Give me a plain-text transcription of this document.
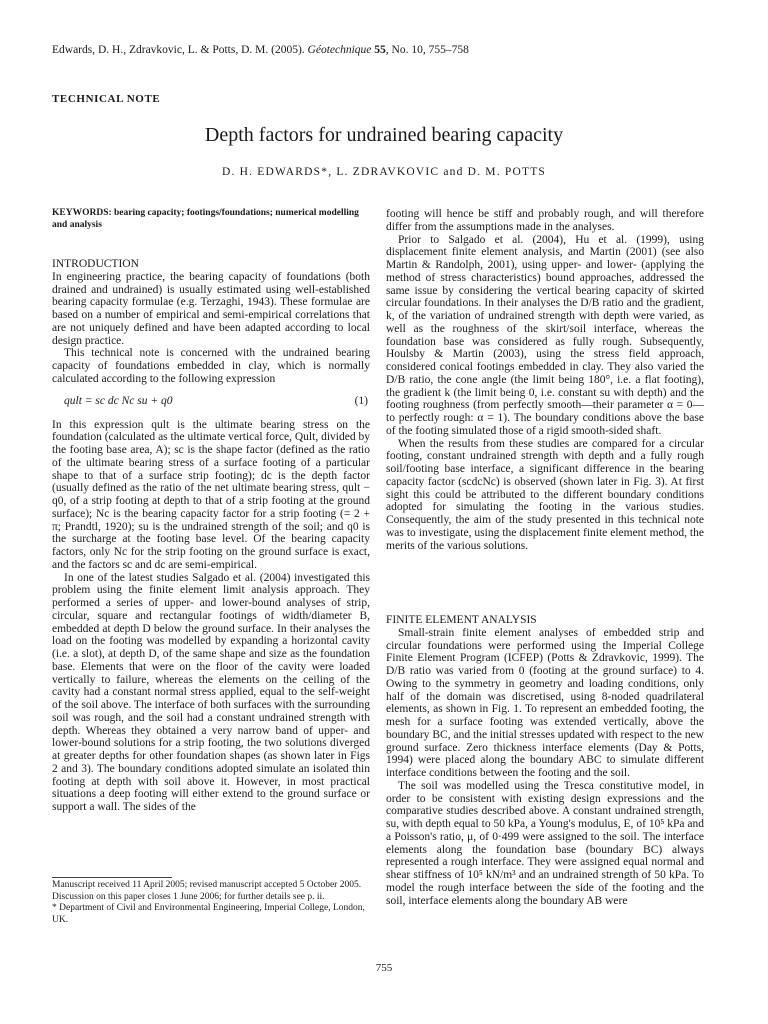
Edwards, D. H., Zdravkovic, L. & Potts, D. M. (2005). Géotechnique 55, No. 10, 755–758
TECHNICAL NOTE
Depth factors for undrained bearing capacity
D. H. EDWARDS*, L. ZDRAVKOVIC and D. M. POTTS
KEYWORDS: bearing capacity; footings/foundations; numerical modelling and analysis

INTRODUCTION

In engineering practice, the bearing capacity of foundations (both drained and undrained) is usually estimated using well-established bearing capacity formulae (e.g. Terzaghi, 1943). These formulae are based on a number of empirical and semi-empirical correlations that are not uniquely defined and have been adapted according to local design practice.

This technical note is concerned with the undrained bearing capacity of foundations embedded in clay, which is normally calculated according to the following expression

qult = sc dc Nc su + q0	(1)

In this expression qult is the ultimate bearing stress on the foundation (calculated as the ultimate vertical force, Qult, divided by the footing base area, A); sc is the shape factor (defined as the ratio of the ultimate bearing stress of a surface footing of a particular shape to that of a surface strip footing); dc is the depth factor (usually defined as the ratio of the net ultimate bearing stress, qult − q0, of a strip footing at depth to that of a strip footing at the ground surface); Nc is the bearing capacity factor for a strip footing (= 2 + π; Prandtl, 1920); su is the undrained strength of the soil; and q0 is the surcharge at the footing base level. Of the bearing capacity factors, only Nc for the strip footing on the ground surface is exact, and the factors sc and dc are semi-empirical.

In one of the latest studies Salgado et al. (2004) investigated this problem using the finite element limit analysis approach. They performed a series of upper- and lower-bound analyses of strip, circular, square and rectangular footings of width/diameter B, embedded at depth D below the ground surface. In their analyses the load on the footing was modelled by expanding a horizontal cavity (i.e. a slot), at depth D, of the same shape and size as the foundation base. Elements that were on the floor of the cavity were loaded vertically to failure, whereas the elements on the ceiling of the cavity had a constant normal stress applied, equal to the self-weight of the soil above. The interface of both surfaces with the surrounding soil was rough, and the soil had a constant undrained strength with depth. Whereas they obtained a very narrow band of upper- and lower-bound solutions for a strip footing, the two solutions diverged at greater depths for other foundation shapes (as shown later in Figs 2 and 3). The boundary conditions adopted simulate an isolated thin footing at depth with soil above it. However, in most practical situations a deep footing will either extend to the ground surface or support a wall. The sides of the

Manuscript received 11 April 2005; revised manuscript accepted 5 October 2005.

Discussion on this paper closes 1 June 2006; for further details see p. ii.

* Department of Civil and Environmental Engineering, Imperial College, London, UK.

footing will hence be stiff and probably rough, and will therefore differ from the assumptions made in the analyses.

Prior to Salgado et al. (2004), Hu et al. (1999), using displacement finite element analysis, and Martin (2001) (see also Martin & Randolph, 2001), using upper- and lower- (applying the method of stress characteristics) bound approaches, addressed the same issue by considering the vertical bearing capacity of skirted circular foundations. In their analyses the D/B ratio and the gradient, k, of the variation of undrained strength with depth were varied, as well as the roughness of the skirt/soil interface, whereas the foundation base was considered as fully rough. Subsequently, Houlsby & Martin (2003), using the stress field approach, considered conical footings embedded in clay. They also varied the D/B ratio, the cone angle (the limit being 180°, i.e. a flat footing), the gradient k (the limit being 0, i.e. constant su with depth) and the footing roughness (from perfectly smooth—their parameter α = 0—to perfectly rough: α = 1). The boundary conditions above the base of the footing simulated those of a rigid smooth-sided shaft.

When the results from these studies are compared for a circular footing, constant undrained strength with depth and a fully rough soil/footing base interface, a significant difference in the bearing capacity factor (scdcNc) is observed (shown later in Fig. 3). At first sight this could be attributed to the different boundary conditions adopted for simulating the footing in the various studies. Consequently, the aim of the study presented in this technical note was to investigate, using the displacement finite element method, the merits of the various solutions.

FINITE ELEMENT ANALYSIS

Small-strain finite element analyses of embedded strip and circular foundations were performed using the Imperial College Finite Element Program (ICFEP) (Potts & Zdravkovic, 1999). The D/B ratio was varied from 0 (footing at the ground surface) to 4. Owing to the symmetry in geometry and loading conditions, only half of the domain was discretised, using 8-noded quadrilateral elements, as shown in Fig. 1. To represent an embedded footing, the mesh for a surface footing was extended vertically, above the boundary BC, and the initial stresses updated with respect to the new ground surface. Zero thickness interface elements (Day & Potts, 1994) were placed along the boundary ABC to simulate different interface conditions between the footing and the soil.

The soil was modelled using the Tresca constitutive model, in order to be consistent with existing design expressions and the comparative studies described above. A constant undrained strength, su, with depth equal to 50 kPa, a Young's modulus, E, of 10⁵ kPa and a Poisson's ratio, μ, of 0·499 were assigned to the soil. The interface elements along the foundation base (boundary BC) always represented a rough interface. They were assigned equal normal and shear stiffness of 10⁵ kN/m³ and an undrained strength of 50 kPa. To model the rough interface between the side of the footing and the soil, interface elements along the boundary AB were

755
